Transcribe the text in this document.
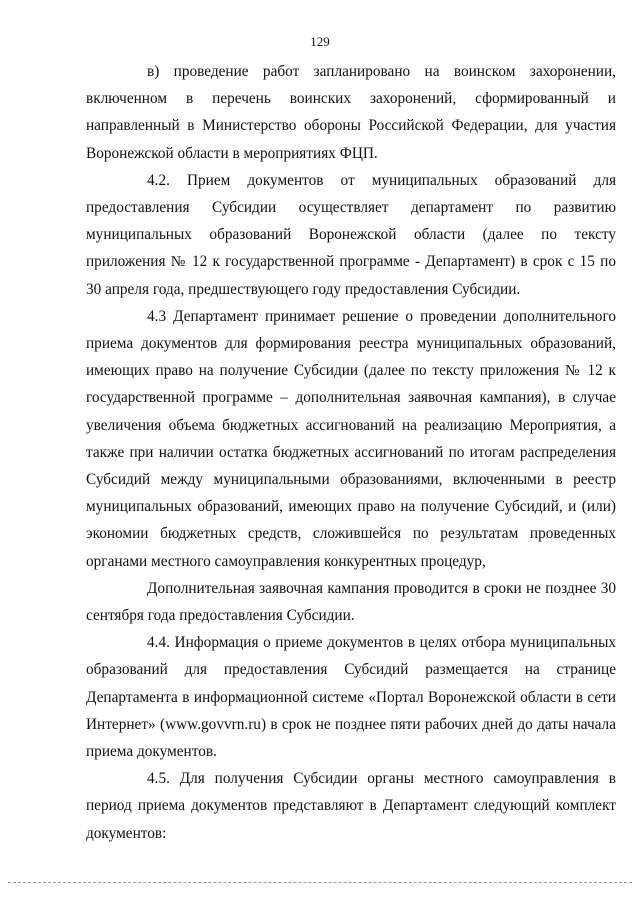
129

в) проведение работ запланировано на воинском захоронении, включенном в перечень воинских захоронений, сформированный и направленный в Министерство обороны Российской Федерации, для участия Воронежской области в мероприятиях ФЦП.

4.2. Прием документов от муниципальных образований для предоставления Субсидии осуществляет департамент по развитию муниципальных образований Воронежской области (далее по тексту приложения № 12 к государственной программе - Департамент) в срок с 15 по 30 апреля года, предшествующего году предоставления Субсидии.

4.3 Департамент принимает решение о проведении дополнительного приема документов для формирования реестра муниципальных образований, имеющих право на получение Субсидии (далее по тексту приложения № 12 к государственной программе – дополнительная заявочная кампания), в случае увеличения объема бюджетных ассигнований на реализацию Мероприятия, а также при наличии остатка бюджетных ассигнований по итогам распределения Субсидий между муниципальными образованиями, включенными в реестр муниципальных образований, имеющих право на получение Субсидий, и (или) экономии бюджетных средств, сложившейся по результатам проведенных органами местного самоуправления конкурентных процедур,

Дополнительная заявочная кампания проводится в сроки не позднее 30 сентября года предоставления Субсидии.

4.4. Информация о приеме документов в целях отбора муниципальных образований для предоставления Субсидий размещается на странице Департамента в информационной системе «Портал Воронежской области в сети Интернет» (www.govvrn.ru) в срок не позднее пяти рабочих дней до даты начала приема документов.

4.5. Для получения Субсидии органы местного самоуправления в период приема документов представляют в Департамент следующий комплект документов:
